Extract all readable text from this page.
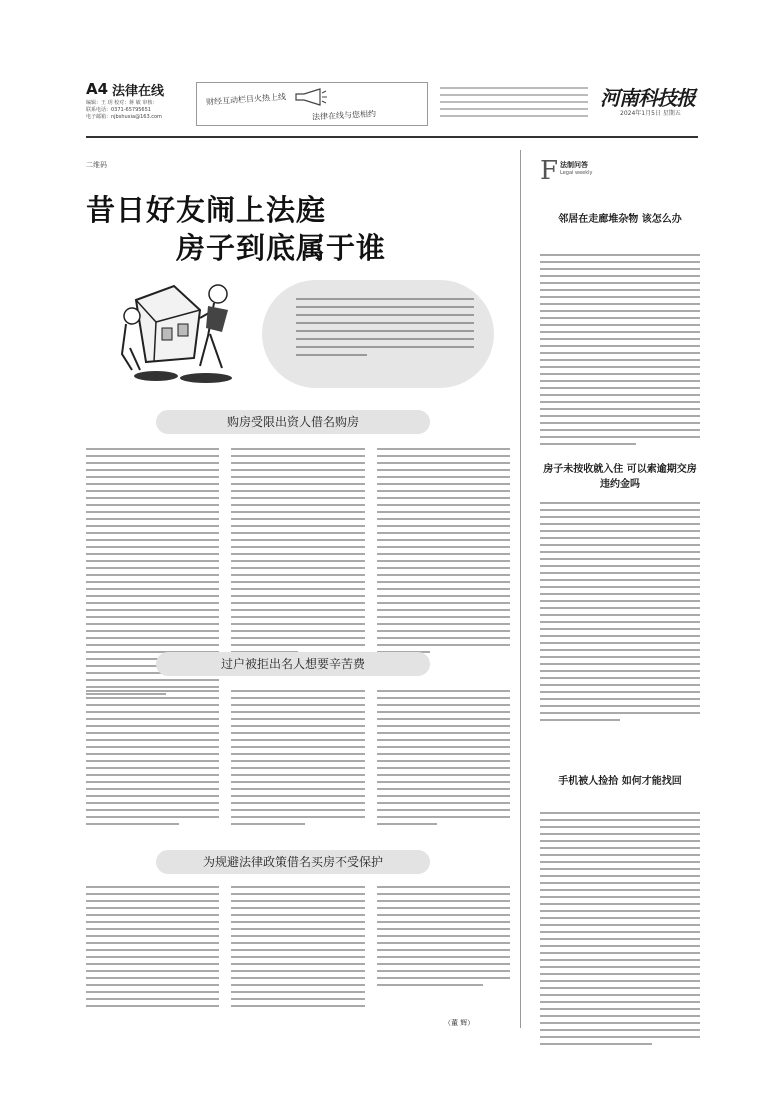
A4 法律在线
编辑：王 玥 校对：蒋 敏 审核：
联系电话：0371-65795651
电子邮箱：njbshuxia@163.com
财经互动栏目火热上线
法律在线与您相约
河南科技报
2024年1月5日 星期五
二维码
昔日好友闹上法庭
房子到底属于谁
购房受限出资人借名购房
过户被拒出名人想要辛苦费
为规避法律政策借名买房不受保护
（董 辉）
F 法制问答
Legal weekly
邻居在走廊堆杂物 该怎么办
房子未按收就入住 可以索逾期交房违约金吗
手机被人捡拾 如何才能找回
